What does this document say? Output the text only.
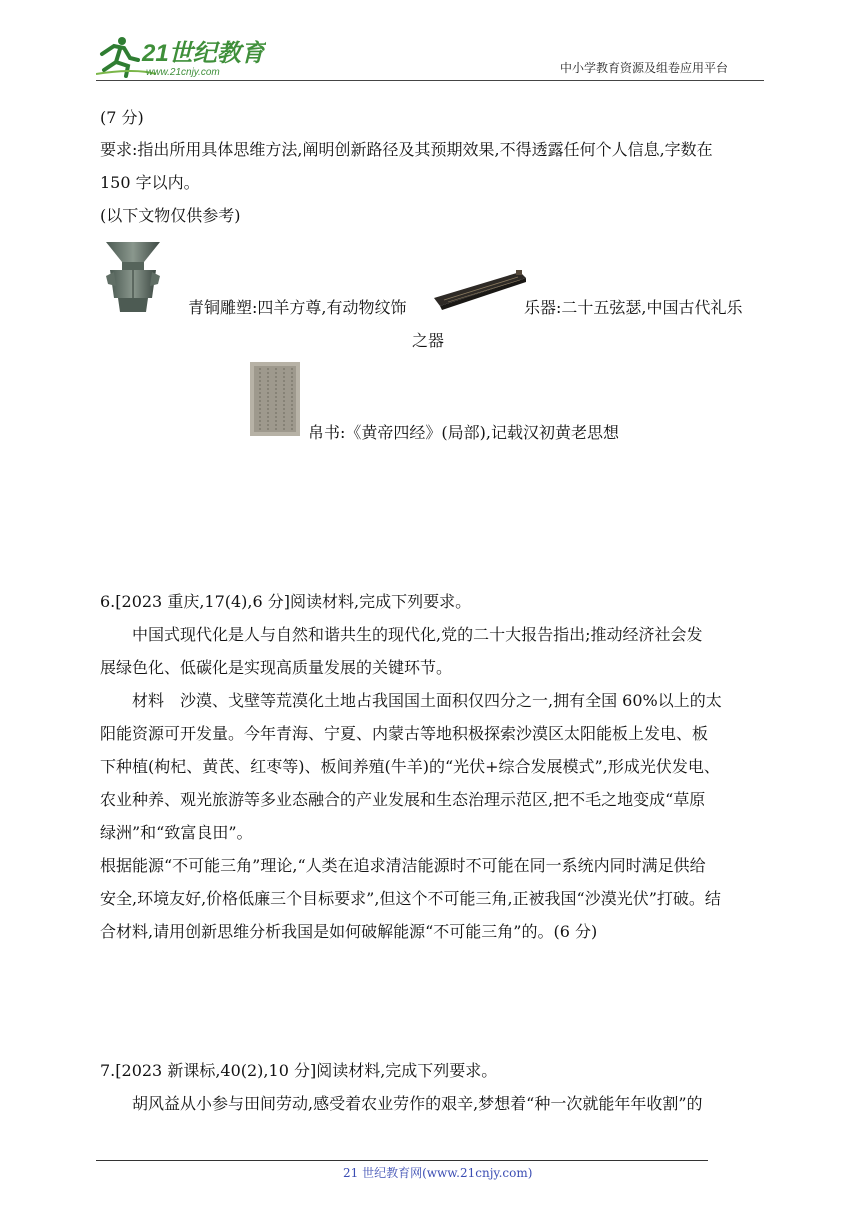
21世纪教育
www.21cnjy.com	中小学教育资源及组卷应用平台
(7 分)
要求:指出所用具体思维方法,阐明创新路径及其预期效果,不得透露任何个人信息,字数在
150 字以内。
(以下文物仅供参考)
青铜雕塑:四羊方尊,有动物纹饰	乐器:二十五弦瑟,中国古代礼乐
之器
帛书:《黄帝四经》(局部),记载汉初黄老思想
6.[2023 重庆,17(4),6 分]阅读材料,完成下列要求。
中国式现代化是人与自然和谐共生的现代化,党的二十大报告指出;推动经济社会发
展绿色化、低碳化是实现高质量发展的关键环节。
材料　沙漠、戈壁等荒漠化土地占我国国土面积仅四分之一,拥有全国 60%以上的太
阳能资源可开发量。今年青海、宁夏、内蒙古等地积极探索沙漠区太阳能板上发电、板
下种植(枸杞、黄芪、红枣等)、板间养殖(牛羊)的“光伏+综合发展模式”,形成光伏发电、
农业种养、观光旅游等多业态融合的产业发展和生态治理示范区,把不毛之地变成“草原
绿洲”和“致富良田”。
根据能源“不可能三角”理论,“人类在追求清洁能源时不可能在同一系统内同时满足供给
安全,环境友好,价格低廉三个目标要求”,但这个不可能三角,正被我国“沙漠光伏”打破。结
合材料,请用创新思维分析我国是如何破解能源“不可能三角”的。(6 分)
7.[2023 新课标,40(2),10 分]阅读材料,完成下列要求。
胡风益从小参与田间劳动,感受着农业劳作的艰辛,梦想着“种一次就能年年收割”的
21 世纪教育网(www.21cnjy.com)
